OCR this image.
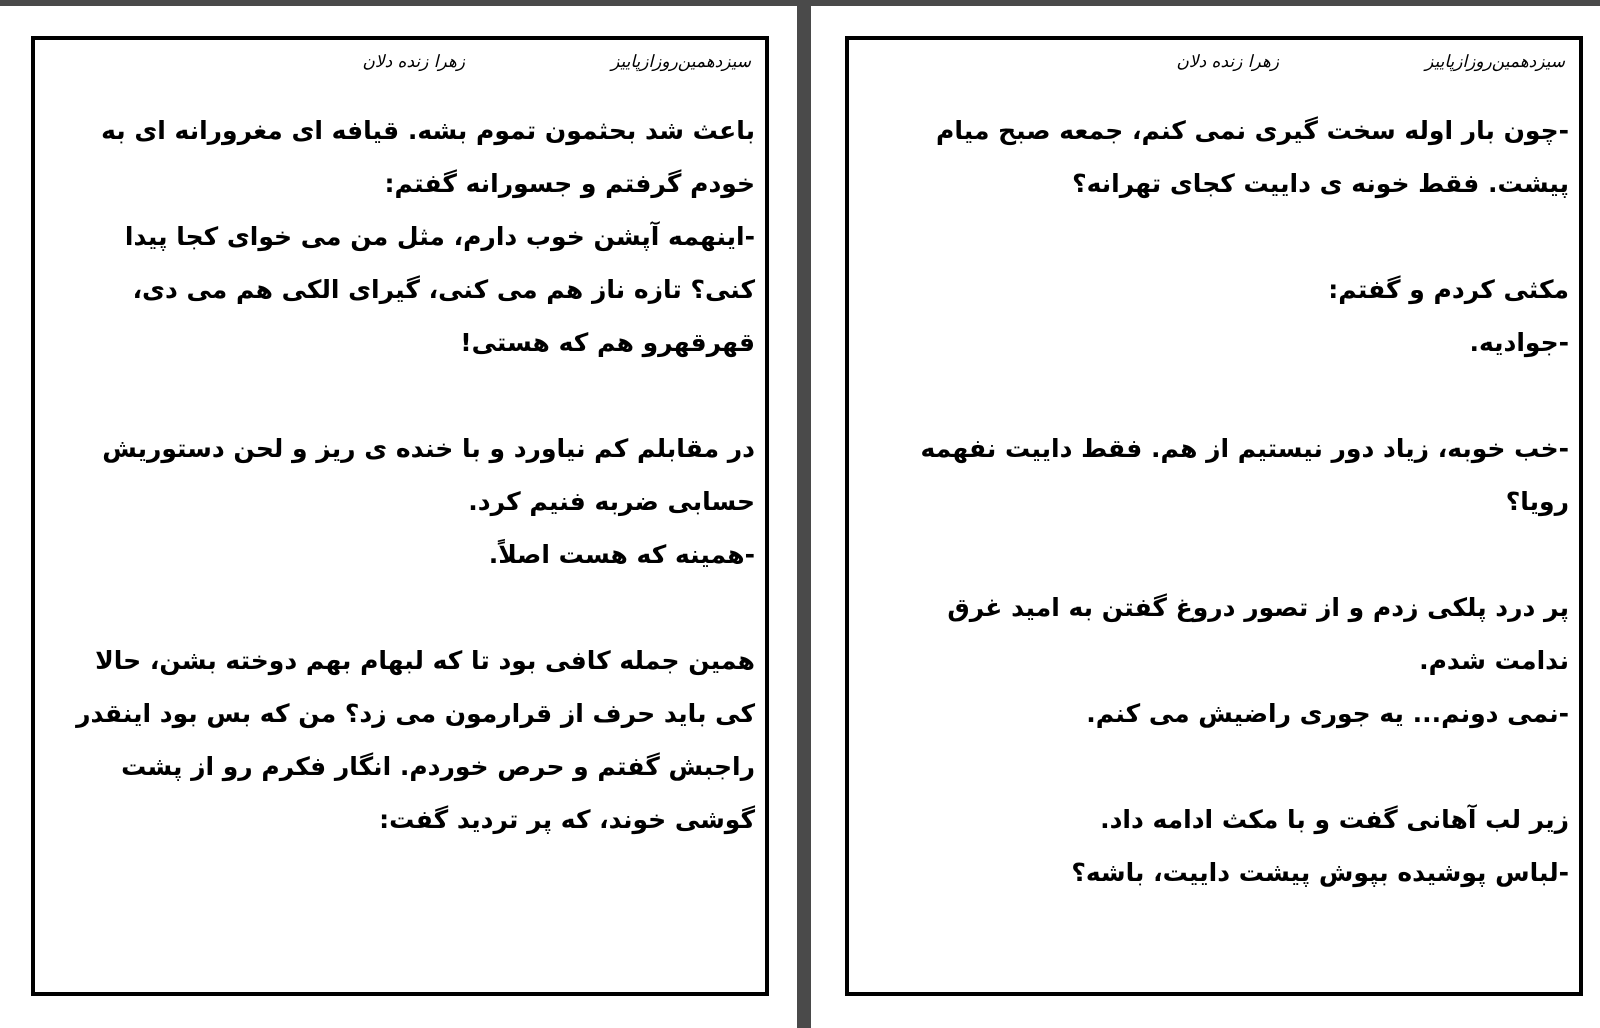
سیزدهمین‌روزازپاییز
زهرا زنده دلان

باعث شد بحثمون تموم بشه. قیافه ای مغرورانه ای به خودم گرفتم و جسورانه گفتم:

-اینهمه آپشن خوب دارم، مثل من می خوای کجا پیدا کنی؟ تازه ناز هم می کنی، گیرای الکی هم می دی، قهرقهرو هم که هستی!

در مقابلم کم نیاورد و با خنده ی ریز و لحن دستوریش حسابی ضربه فنیم کرد.

-همینه که هست اصلاً.

همین جمله کافی بود تا که لبهام بهم دوخته بشن، حالا کی باید حرف از قرارمون می زد؟ من که بس بود اینقدر راجبش گفتم و حرص خوردم. انگار فکرم رو از پشت گوشی خوند، که پر تردید گفت:

سیزدهمین‌روزازپاییز
زهرا زنده دلان

-چون بار اوله سخت گیری نمی کنم، جمعه صبح میام پیشت. فقط خونه ی داییت کجای تهرانه؟

مکثی کردم و گفتم:

-جوادیه.

-خب خوبه، زیاد دور نیستیم از هم. فقط داییت نفهمه رویا؟

پر درد پلکی زدم و از تصور دروغ گفتن به امید غرق ندامت شدم.

-نمی دونم... یه جوری راضیش می کنم.

زیر لب آهانی گفت و با مکث ادامه داد.

-لباس پوشیده بپوش پیشت داییت، باشه؟
